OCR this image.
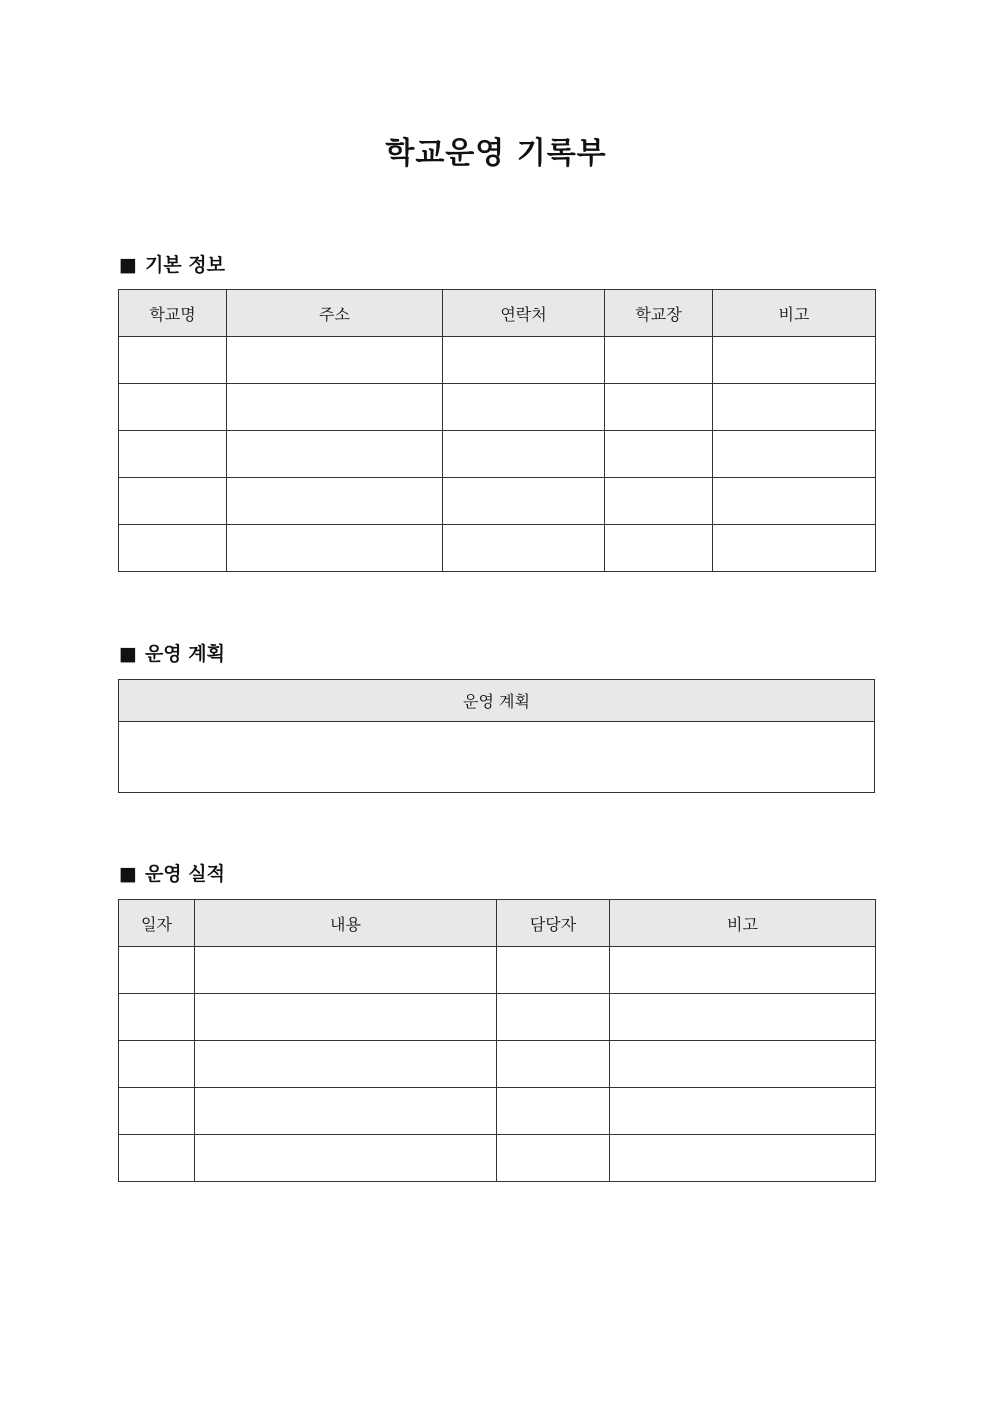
학교운영 기록부
■ 기본 정보
학교명	주소	연락처	학교장	비고

■ 운영 계획
운영 계획

■ 운영 실적
일자	내용	담당자	비고
